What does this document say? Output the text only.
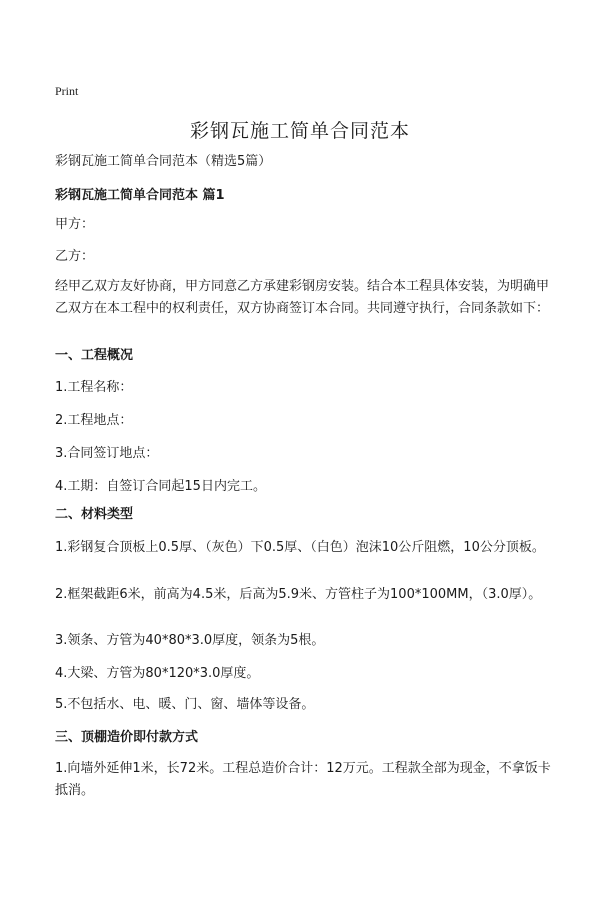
Print
彩钢瓦施工简单合同范本

彩钢瓦施工简单合同范本（精选5篇）

彩钢瓦施工简单合同范本 篇1

甲方：

乙方：

经甲乙双方友好协商，甲方同意乙方承建彩钢房安装。结合本工程具体安装，为明确甲乙双方在本工程中的权利责任，双方协商签订本合同。共同遵守执行，合同条款如下：

一、工程概况

1.工程名称：

2.工程地点：

3.合同签订地点：

4.工期：自签订合同起15日内完工。

二、材料类型

1.彩钢复合顶板上0.5厚、（灰色）下0.5厚、（白色）泡沫10公斤阻燃，10公分顶板。

2.框架截距6米，前高为4.5米，后高为5.9米、方管柱子为100*100MM，（3.0厚）。

3.领条、方管为40*80*3.0厚度，领条为5根。

4.大梁、方管为80*120*3.0厚度。

5.不包括水、电、暖、门、窗、墙体等设备。

三、顶棚造价即付款方式

1.向墙外延伸1米，长72米。工程总造价合计：12万元。工程款全部为现金，不拿饭卡抵消。
